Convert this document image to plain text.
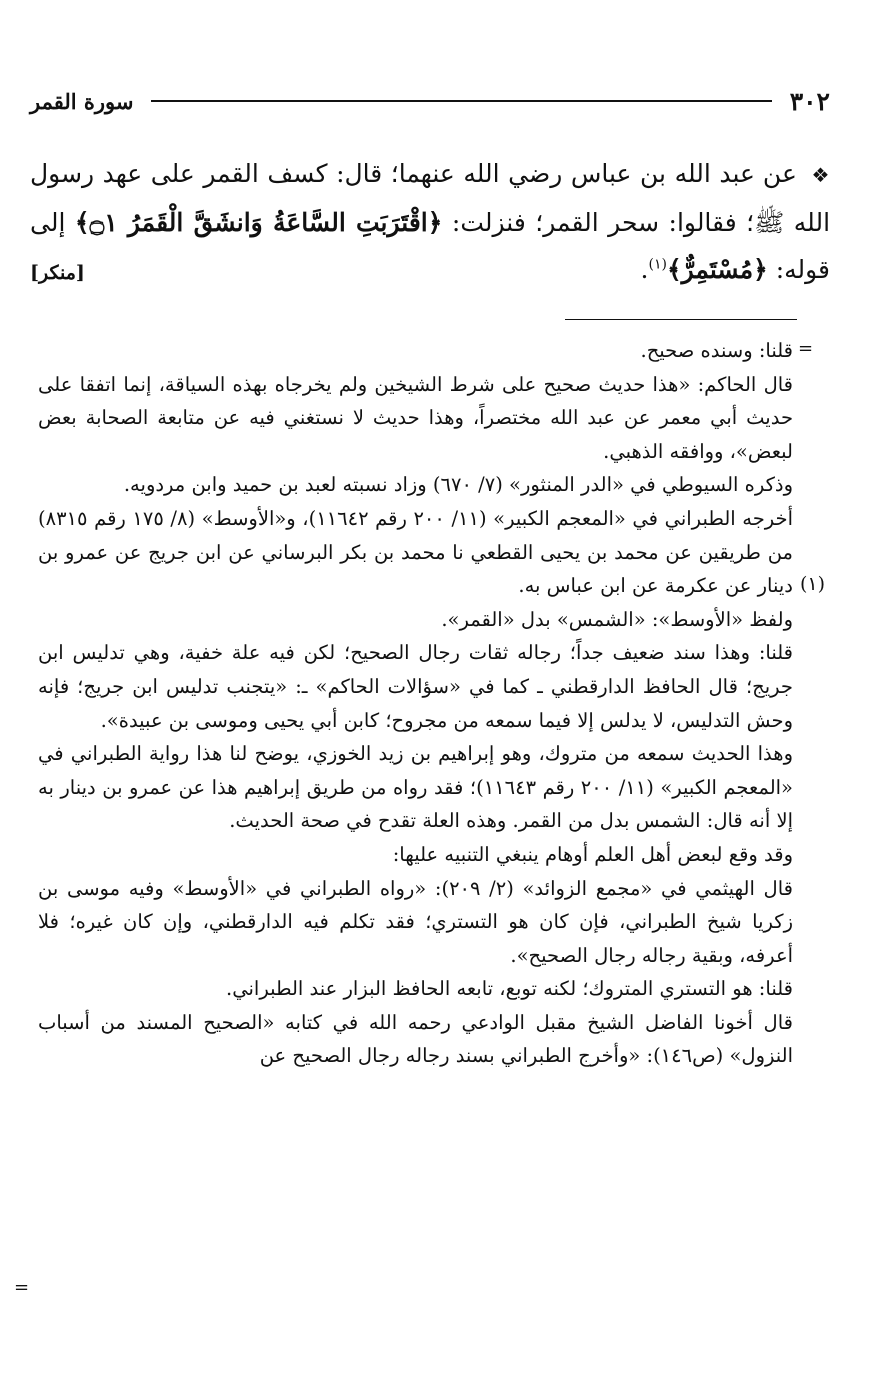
٣٠٢
سورة القمر
❖ عن عبد الله بن عباس رضي الله عنهما؛ قال: كسف القمر على عهد رسول الله ﷺ؛ فقالوا: سحر القمر؛ فنزلت: ﴿اقْتَرَبَتِ السَّاعَةُ وَانشَقَّ الْقَمَرُ ۝١﴾ إلى قوله: ﴿مُسْتَمِرٌّ﴾$^{(١)}$.
[منكر]
=
(١)
=

قلنا: وسنده صحيح.

قال الحاكم: «هذا حديث صحيح على شرط الشيخين ولم يخرجاه بهذه السياقة، إنما اتفقا على حديث أبي معمر عن عبد الله مختصراً، وهذا حديث لا نستغني فيه عن متابعة الصحابة بعض لبعض»، ووافقه الذهبي.

وذكره السيوطي في «الدر المنثور» (٧/ ٦٧٠) وزاد نسبته لعبد بن حميد وابن مردويه.

أخرجه الطبراني في «المعجم الكبير» (١١/ ٢٠٠ رقم ١١٦٤٢)، و«الأوسط» (٨/ ١٧٥ رقم ٨٣١٥) من طريقين عن محمد بن يحيى القطعي نا محمد بن بكر البرساني عن ابن جريج عن عمرو بن دينار عن عكرمة عن ابن عباس به.

ولفظ «الأوسط»: «الشمس» بدل «القمر».

قلنا: وهذا سند ضعيف جداً؛ رجاله ثقات رجال الصحيح؛ لكن فيه علة خفية، وهي تدليس ابن جريج؛ قال الحافظ الدارقطني ـ كما في «سؤالات الحاكم» ـ: «يتجنب تدليس ابن جريج؛ فإنه وحش التدليس، لا يدلس إلا فيما سمعه من مجروح؛ كابن أبي يحيى وموسى بن عبيدة».

وهذا الحديث سمعه من متروك، وهو إبراهيم بن زيد الخوزي، يوضح لنا هذا رواية الطبراني في «المعجم الكبير» (١١/ ٢٠٠ رقم ١١٦٤٣)؛ فقد رواه من طريق إبراهيم هذا عن عمرو بن دينار به إلا أنه قال: الشمس بدل من القمر. وهذه العلة تقدح في صحة الحديث.

وقد وقع لبعض أهل العلم أوهام ينبغي التنبيه عليها:

قال الهيثمي في «مجمع الزوائد» (٢/ ٢٠٩): «رواه الطبراني في «الأوسط» وفيه موسى بن زكريا شيخ الطبراني، فإن كان هو التستري؛ فقد تكلم فيه الدارقطني، وإن كان غيره؛ فلا أعرفه، وبقية رجاله رجال الصحيح».

قلنا: هو التستري المتروك؛ لكنه توبع، تابعه الحافظ البزار عند الطبراني.

قال أخونا الفاضل الشيخ مقبل الوادعي رحمه الله في كتابه «الصحيح المسند من أسباب النزول» (ص١٤٦): «وأخرج الطبراني بسند رجاله رجال الصحيح عن
